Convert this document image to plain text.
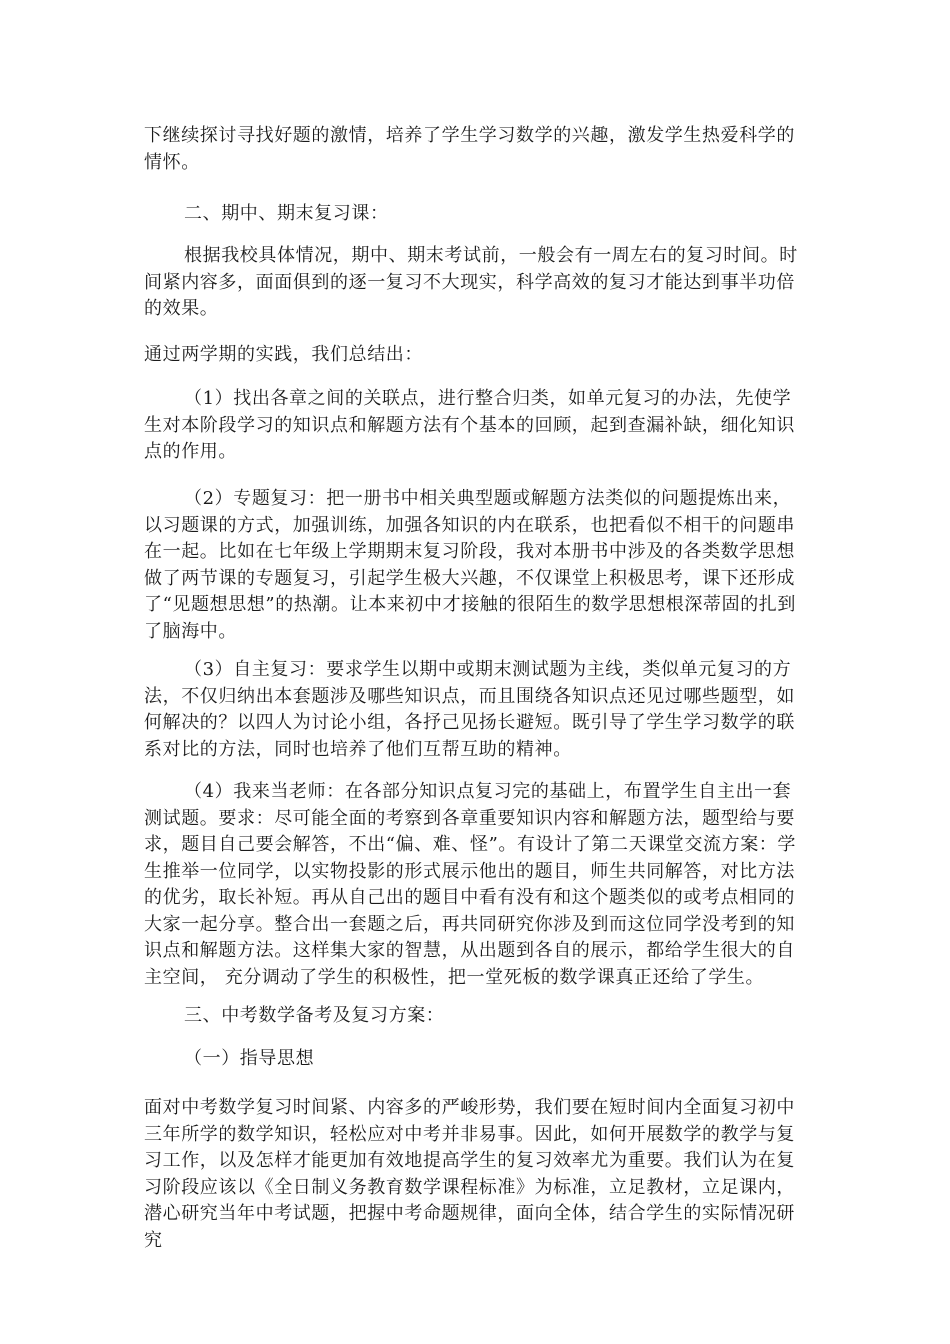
下继续探讨寻找好题的激情，培养了学生学习数学的兴趣，激发学生热爱科学的情怀。

二、期中、期末复习课：

根据我校具体情况，期中、期末考试前，一般会有一周左右的复习时间。时间紧内容多，面面俱到的逐一复习不大现实，科学高效的复习才能达到事半功倍的效果。

通过两学期的实践，我们总结出：

（1）找出各章之间的关联点，进行整合归类，如单元复习的办法，先使学生对本阶段学习的知识点和解题方法有个基本的回顾，起到查漏补缺，细化知识点的作用。

（2）专题复习：把一册书中相关典型题或解题方法类似的问题提炼出来，以习题课的方式，加强训练，加强各知识的内在联系，也把看似不相干的问题串在一起。比如在七年级上学期期末复习阶段，我对本册书中涉及的各类数学思想做了两节课的专题复习，引起学生极大兴趣，不仅课堂上积极思考，课下还形成了“见题想思想”的热潮。让本来初中才接触的很陌生的数学思想根深蒂固的扎到了脑海中。

（3）自主复习：要求学生以期中或期末测试题为主线，类似单元复习的方法，不仅归纳出本套题涉及哪些知识点，而且围绕各知识点还见过哪些题型，如何解决的？以四人为讨论小组，各抒己见扬长避短。既引导了学生学习数学的联系对比的方法，同时也培养了他们互帮互助的精神。

（4）我来当老师：在各部分知识点复习完的基础上，布置学生自主出一套测试题。要求：尽可能全面的考察到各章重要知识内容和解题方法，题型给与要求，题目自己要会解答，不出“偏、难、怪”。有设计了第二天课堂交流方案：学生推举一位同学，以实物投影的形式展示他出的题目，师生共同解答，对比方法的优劣，取长补短。再从自己出的题目中看有没有和这个题类似的或考点相同的大家一起分享。整合出一套题之后，再共同研究你涉及到而这位同学没考到的知识点和解题方法。这样集大家的智慧，从出题到各自的展示，都给学生很大的自主空间， 充分调动了学生的积极性，把一堂死板的数学课真正还给了学生。

三、中考数学备考及复习方案：

（一）指导思想

面对中考数学复习时间紧、内容多的严峻形势，我们要在短时间内全面复习初中三年所学的数学知识，轻松应对中考并非易事。因此，如何开展数学的教学与复习工作，以及怎样才能更加有效地提高学生的复习效率尤为重要。我们认为在复习阶段应该以《全日制义务教育数学课程标准》为标准，立足教材，立足课内，潜心研究当年中考试题，把握中考命题规律，面向全体，结合学生的实际情况研究
